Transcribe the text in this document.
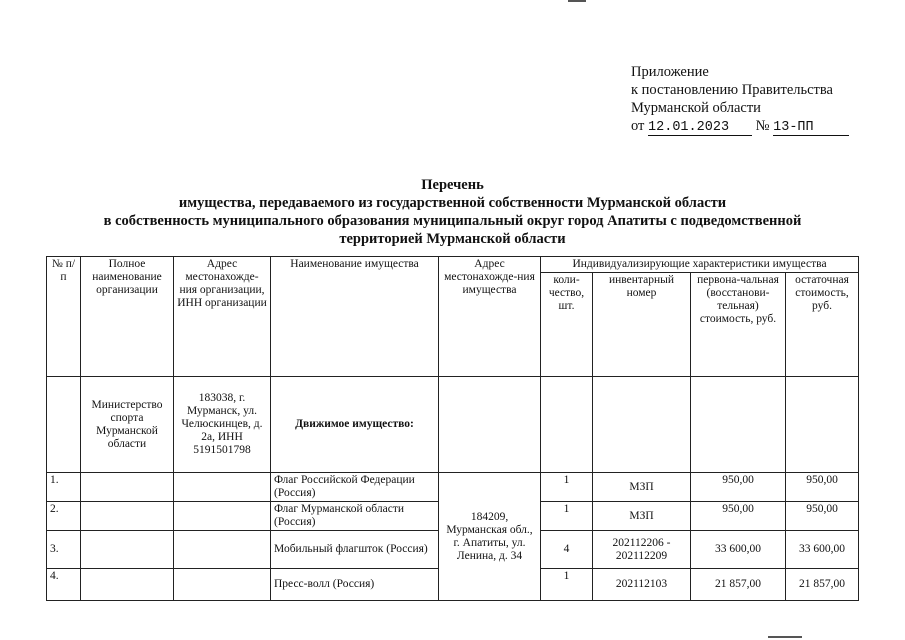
Приложение
к постановлению Правительства
Мурманской области
от 12.01.2023 № 13-ПП
Перечень
имущества, передаваемого из государственной собственности Мурманской области
в собственность муниципального образования муниципальный округ город Апатиты с подведомственной
территорией Мурманской области
№ п/п	Полное наименование организации	Адрес местонахожде-ния организации, ИНН организации	Наименование имущества	Адрес местонахожде-ния имущества	Индивидуализирующие характеристики имущества			
					коли-чество, шт.	инвентарный номер	первона-чальная (восстанови-тельная) стоимость, руб.	остаточная стоимость, руб.
	Министерство спорта Мурманской области	183038, г. Мурманск, ул. Челюскинцев, д. 2а, ИНН 5191501798	Движимое имущество:					
1.			Флаг Российской Федерации (Россия)	184209, Мурманская обл., г. Апатиты, ул. Ленина, д. 34	1	МЗП	950,00	950,00
2.			Флаг Мурманской области (Россия)		1	МЗП	950,00	950,00
3.			Мобильный флагшток (Россия)		4	202112206 - 202112209	33 600,00	33 600,00
4.			Пресс-волл (Россия)		1	202112103	21 857,00	21 857,00
